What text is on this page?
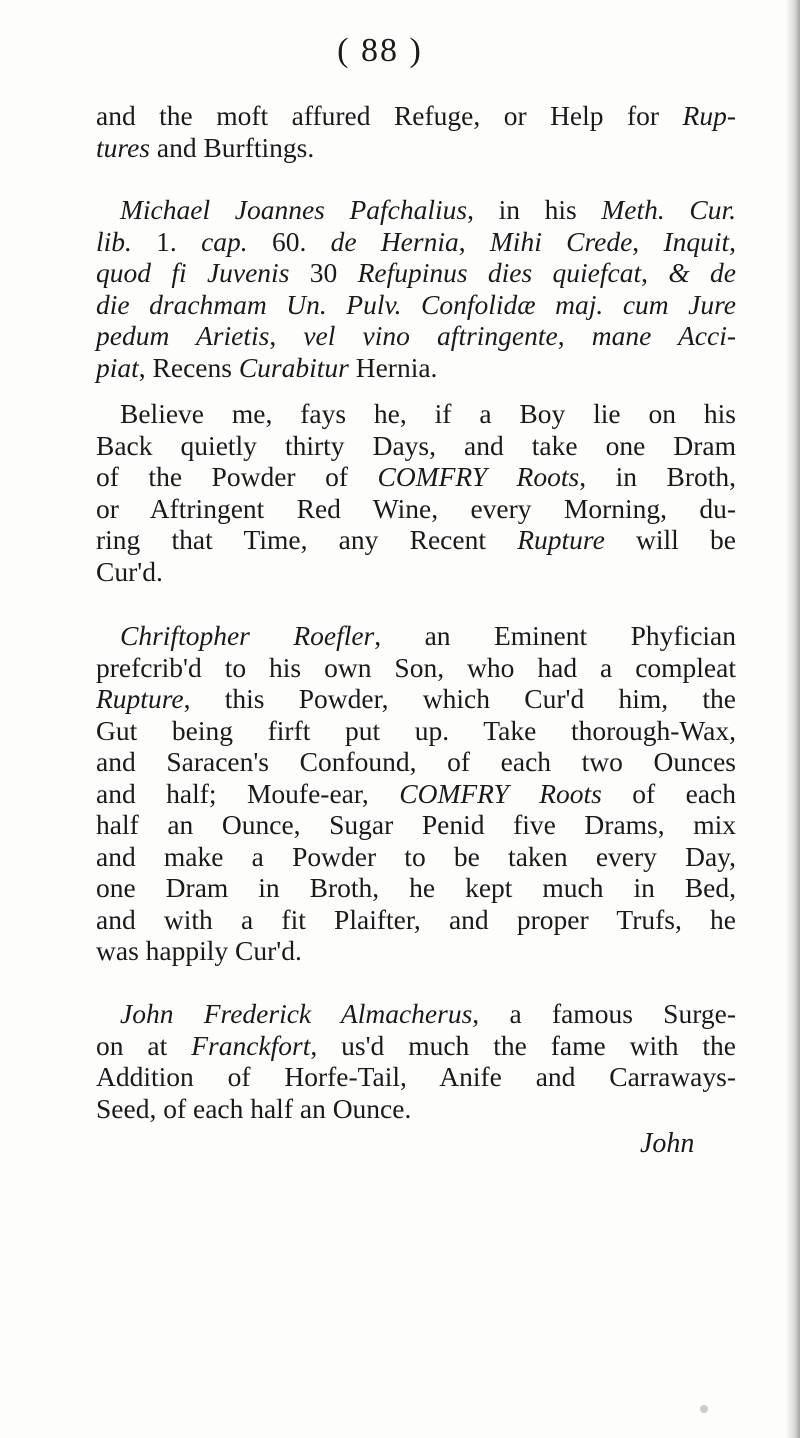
( 88 )
and the moft affured Refuge, or Help for Rup-
tures and Burftings.
Michael Joannes Pafchalius, in his Meth. Cur.
lib. 1. cap. 60. de Hernia, Mihi Crede, Inquit,
quod fi Juvenis 30 Refupinus dies quiefcat, & de
die drachmam Un. Pulv. Confolidæ maj. cum Jure
pedum Arietis, vel vino aftringente, mane Acci-
piat, Recens Curabitur Hernia.
Believe me, fays he, if a Boy lie on his
Back quietly thirty Days, and take one Dram
of the Powder of COMFRY Roots, in Broth,
or Aftringent Red Wine, every Morning, du-
ring that Time, any Recent Rupture will be
Cur'd.
Chriftopher Roefler, an Eminent Phyfician
prefcrib'd to his own Son, who had a compleat
Rupture, this Powder, which Cur'd him, the
Gut being firft put up. Take thorough-Wax,
and Saracen's Confound, of each two Ounces
and half; Moufe-ear, COMFRY Roots of each
half an Ounce, Sugar Penid five Drams, mix
and make a Powder to be taken every Day,
one Dram in Broth, he kept much in Bed,
and with a fit Plaifter, and proper Trufs, he
was happily Cur'd.
John Frederick Almacherus, a famous Surge-
on at Franckfort, us'd much the fame with the
Addition of Horfe-Tail, Anife and Carraways-
Seed, of each half an Ounce.
John
